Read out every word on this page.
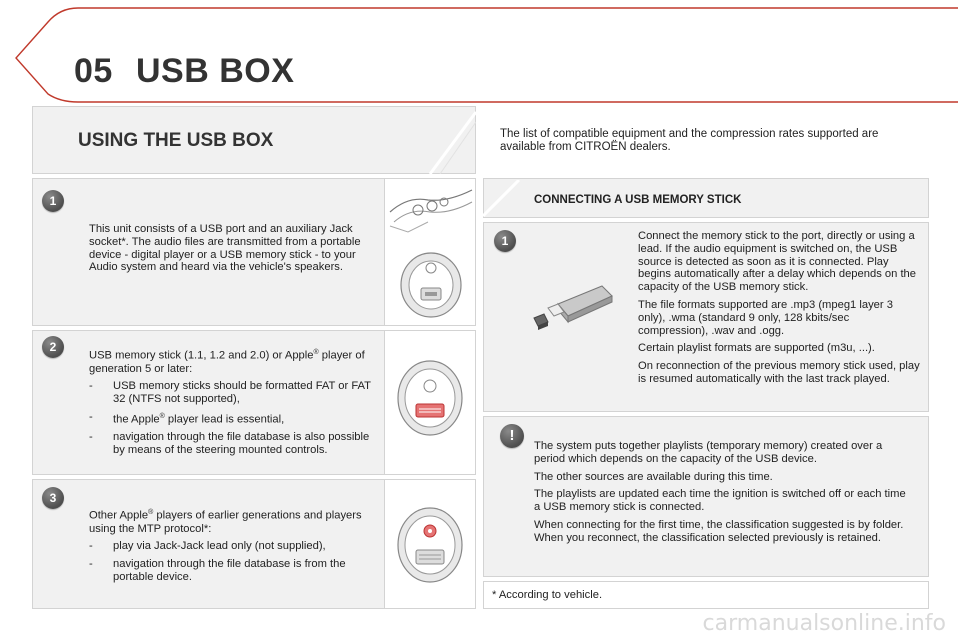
05 USB BOX
USING THE USB BOX	The list of compatible equipment and the compression rates supported are available from CITROËN dealers.
1
2
3

This unit consists of a USB port and an auxiliary Jack socket*. The audio files are transmitted from a portable device - digital player or a USB memory stick - to your Audio system and heard via the vehicle's speakers.

USB memory stick (1.1, 1.2 and 2.0) or Apple® player of generation 5 or later:

- USB memory sticks should be formatted FAT or FAT 32 (NTFS not supported),
- the Apple® player lead is essential,
- navigation through the file database is also possible by means of the steering mounted controls.

Other Apple® players of earlier generations and players using the MTP protocol*:

- play via Jack-Jack lead only (not supplied),
- navigation through the file database is from the portable device.
CONNECTING A USB MEMORY STICK
1	Connect the memory stick to the port, directly or using a lead. If the audio equipment is switched on, the USB source is detected as soon as it is connected. Play begins automatically after a delay which depends on the capacity of the USB memory stick.

The file formats supported are .mp3 (mpeg1 layer 3 only), .wma (standard 9 only, 128 kbits/sec compression), .wav and .ogg.

Certain playlist formats are supported (m3u, ...).

On reconnection of the previous memory stick used, play is resumed automatically with the last track played.

!

The system puts together playlists (temporary memory) created over a period which depends on the capacity of the USB device.

The other sources are available during this time.

The playlists are updated each time the ignition is switched off or each time a USB memory stick is connected.

When connecting for the first time, the classification suggested is by folder. When you reconnect, the classification selected previously is retained.

* According to vehicle.
carmanualsonline.info
